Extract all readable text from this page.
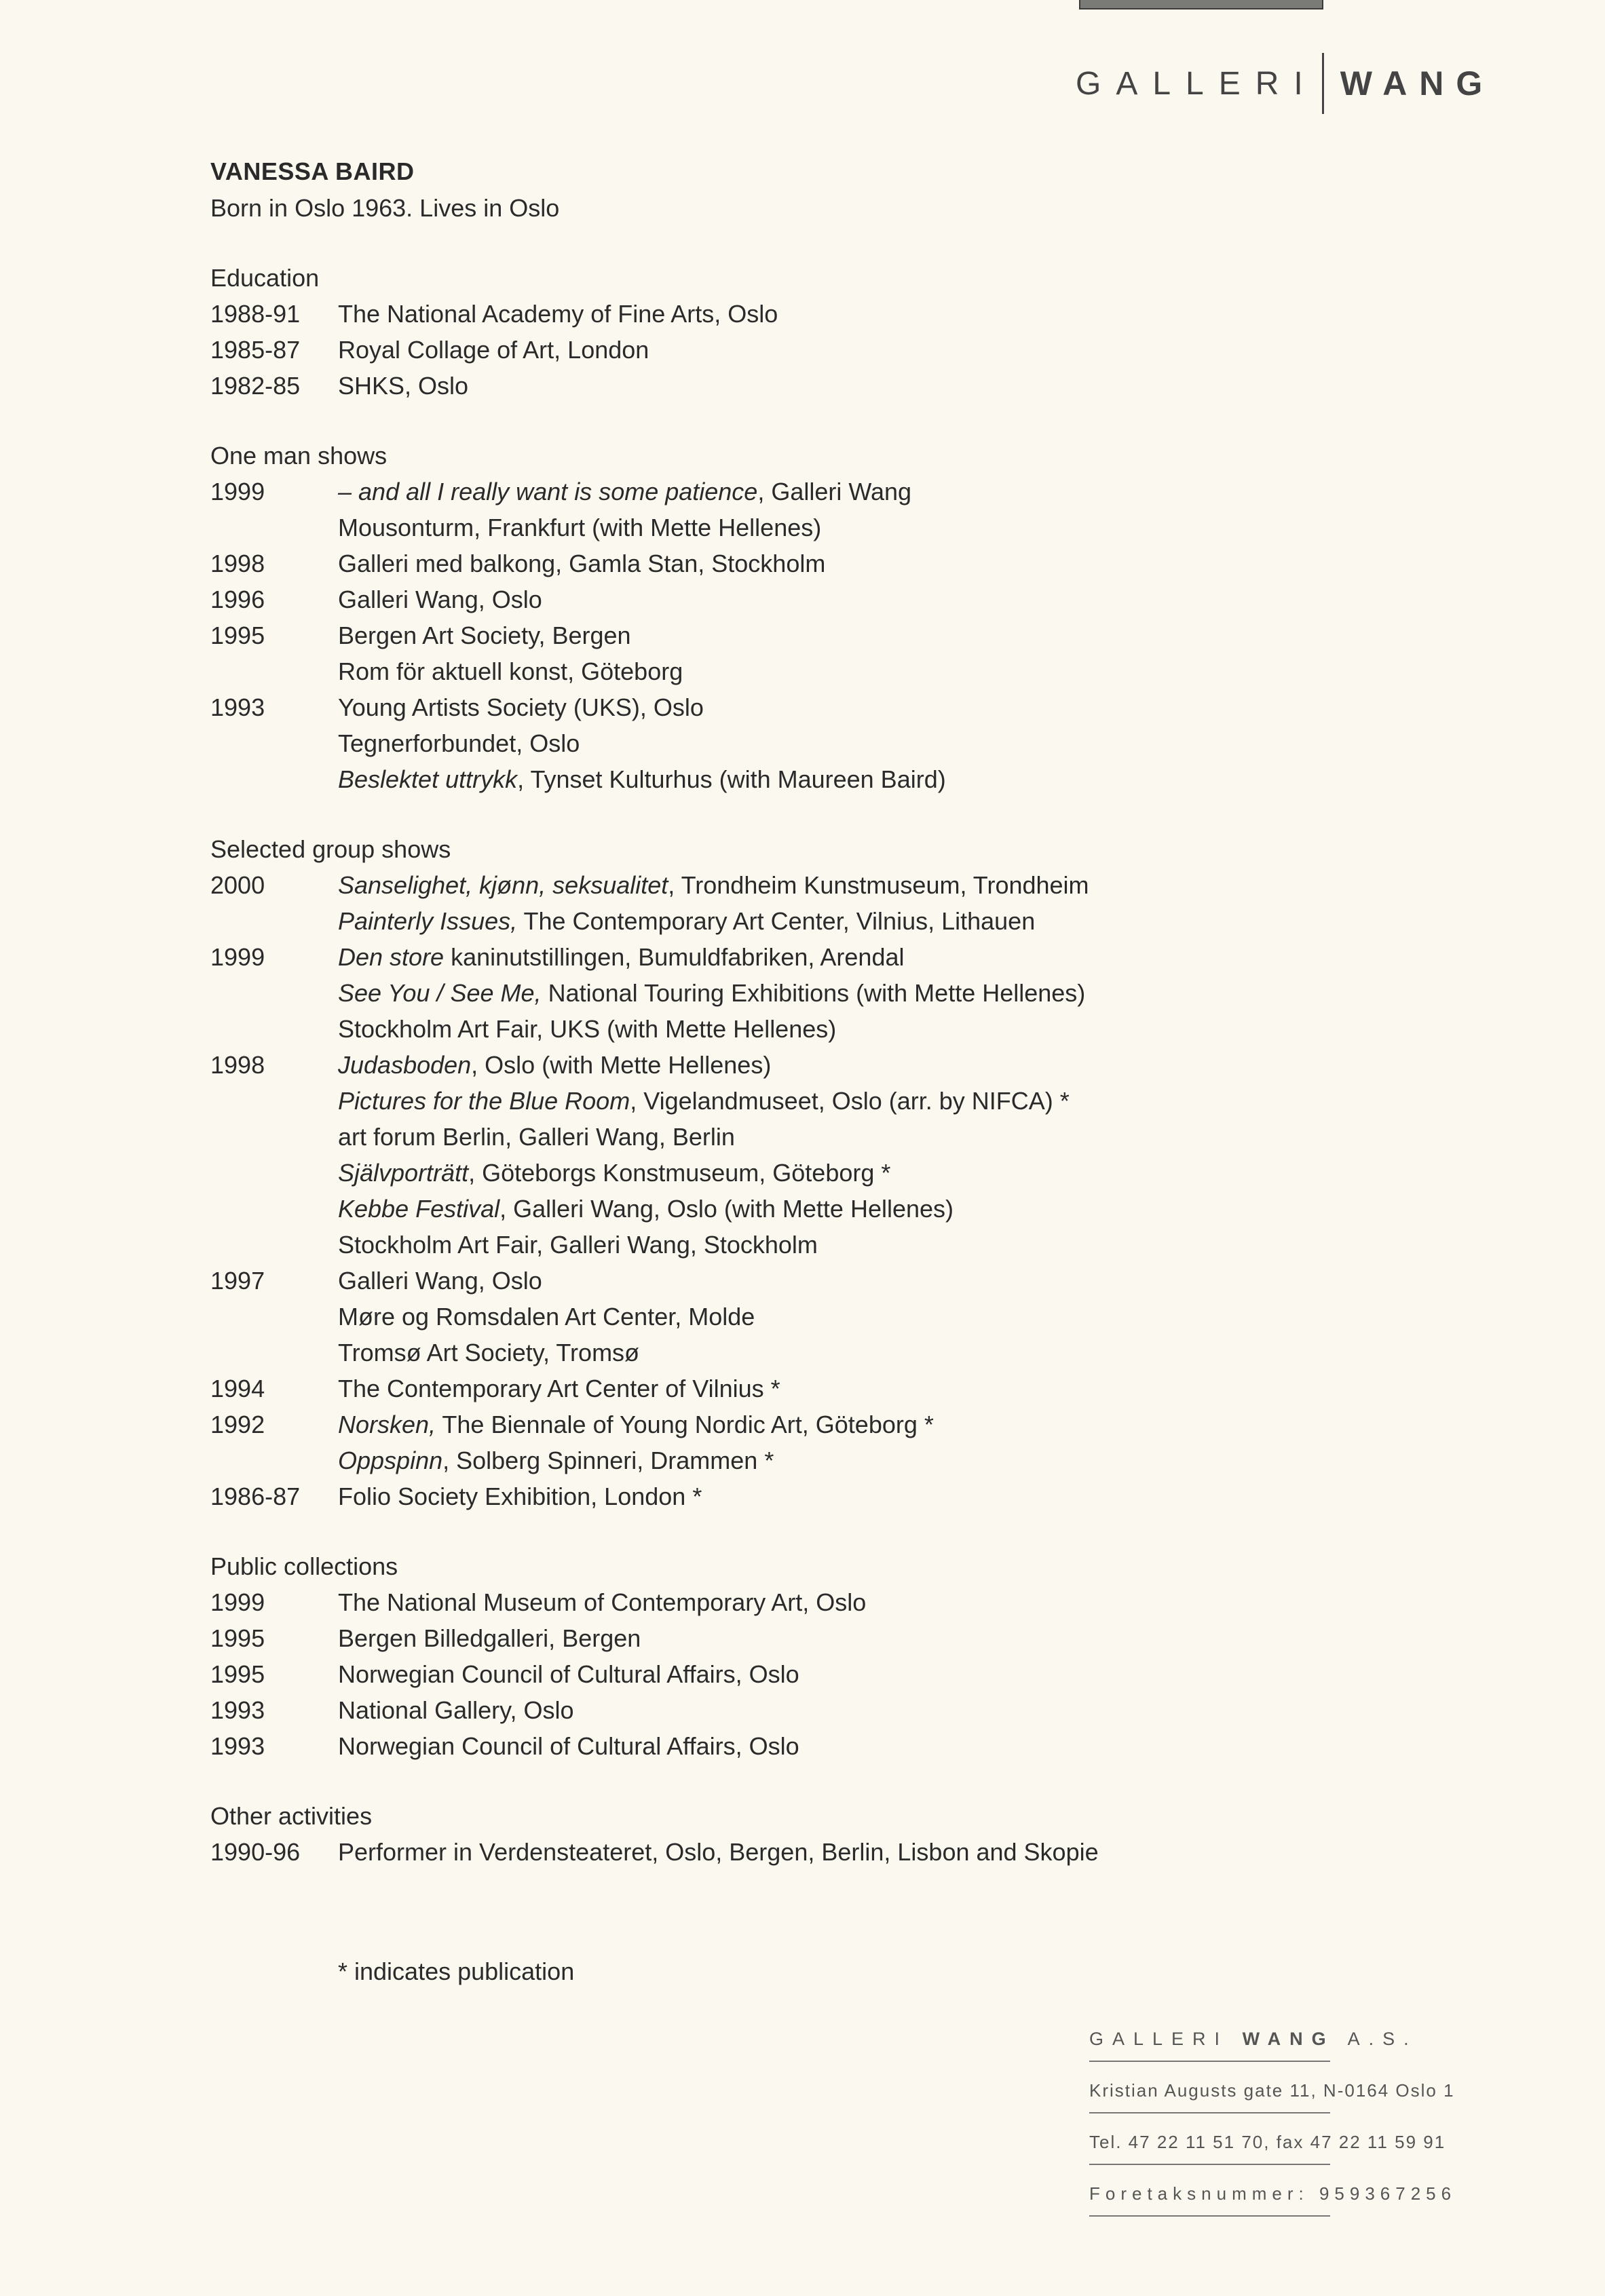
GALLERI WANG
VANESSA BAIRD
Born in Oslo 1963. Lives in Oslo
Education
1988-91	The National Academy of Fine Arts, Oslo
1985-87	Royal Collage of Art, London
1982-85	SHKS, Oslo
One man shows
1999	– and all I really want is some patience, Galleri Wang
Mousonturm, Frankfurt (with Mette Hellenes)
1998	Galleri med balkong, Gamla Stan, Stockholm
1996	Galleri Wang, Oslo
1995	Bergen Art Society, Bergen
Rom för aktuell konst, Göteborg
1993	Young Artists Society (UKS), Oslo
Tegnerforbundet, Oslo
Beslektet uttrykk, Tynset Kulturhus (with Maureen Baird)
Selected group shows
2000	Sanselighet, kjønn, seksualitet, Trondheim Kunstmuseum, Trondheim
Painterly Issues, The Contemporary Art Center, Vilnius, Lithauen
1999	Den store kaninutstillingen, Bumuldfabriken, Arendal
See You / See Me, National Touring Exhibitions (with Mette Hellenes)
Stockholm Art Fair, UKS (with Mette Hellenes)
1998	Judasboden, Oslo (with Mette Hellenes)
Pictures for the Blue Room, Vigelandmuseet, Oslo (arr. by NIFCA) *
art forum Berlin, Galleri Wang, Berlin
Självporträtt, Göteborgs Konstmuseum, Göteborg *
Kebbe Festival, Galleri Wang, Oslo (with Mette Hellenes)
Stockholm Art Fair, Galleri Wang, Stockholm
1997	Galleri Wang, Oslo
Møre og Romsdalen Art Center, Molde
Tromsø Art Society, Tromsø
1994	The Contemporary Art Center of Vilnius *
1992	Norsken, The Biennale of Young Nordic Art, Göteborg *
Oppspinn, Solberg Spinneri, Drammen *
1986-87	Folio Society Exhibition, London *
Public collections
1999	The National Museum of Contemporary Art, Oslo
1995	Bergen Billedgalleri, Bergen
1995	Norwegian Council of Cultural Affairs, Oslo
1993	National Gallery, Oslo
1993	Norwegian Council of Cultural Affairs, Oslo
Other activities
1990-96	Performer in Verdensteateret, Oslo, Bergen, Berlin, Lisbon and Skopie
* indicates publication
GALLERI WANG A.S.
Kristian Augusts gate 11, N-0164 Oslo 1
Tel. 47 22 11 51 70, fax 47 22 11 59 91
Foretaksnummer: 959367256
